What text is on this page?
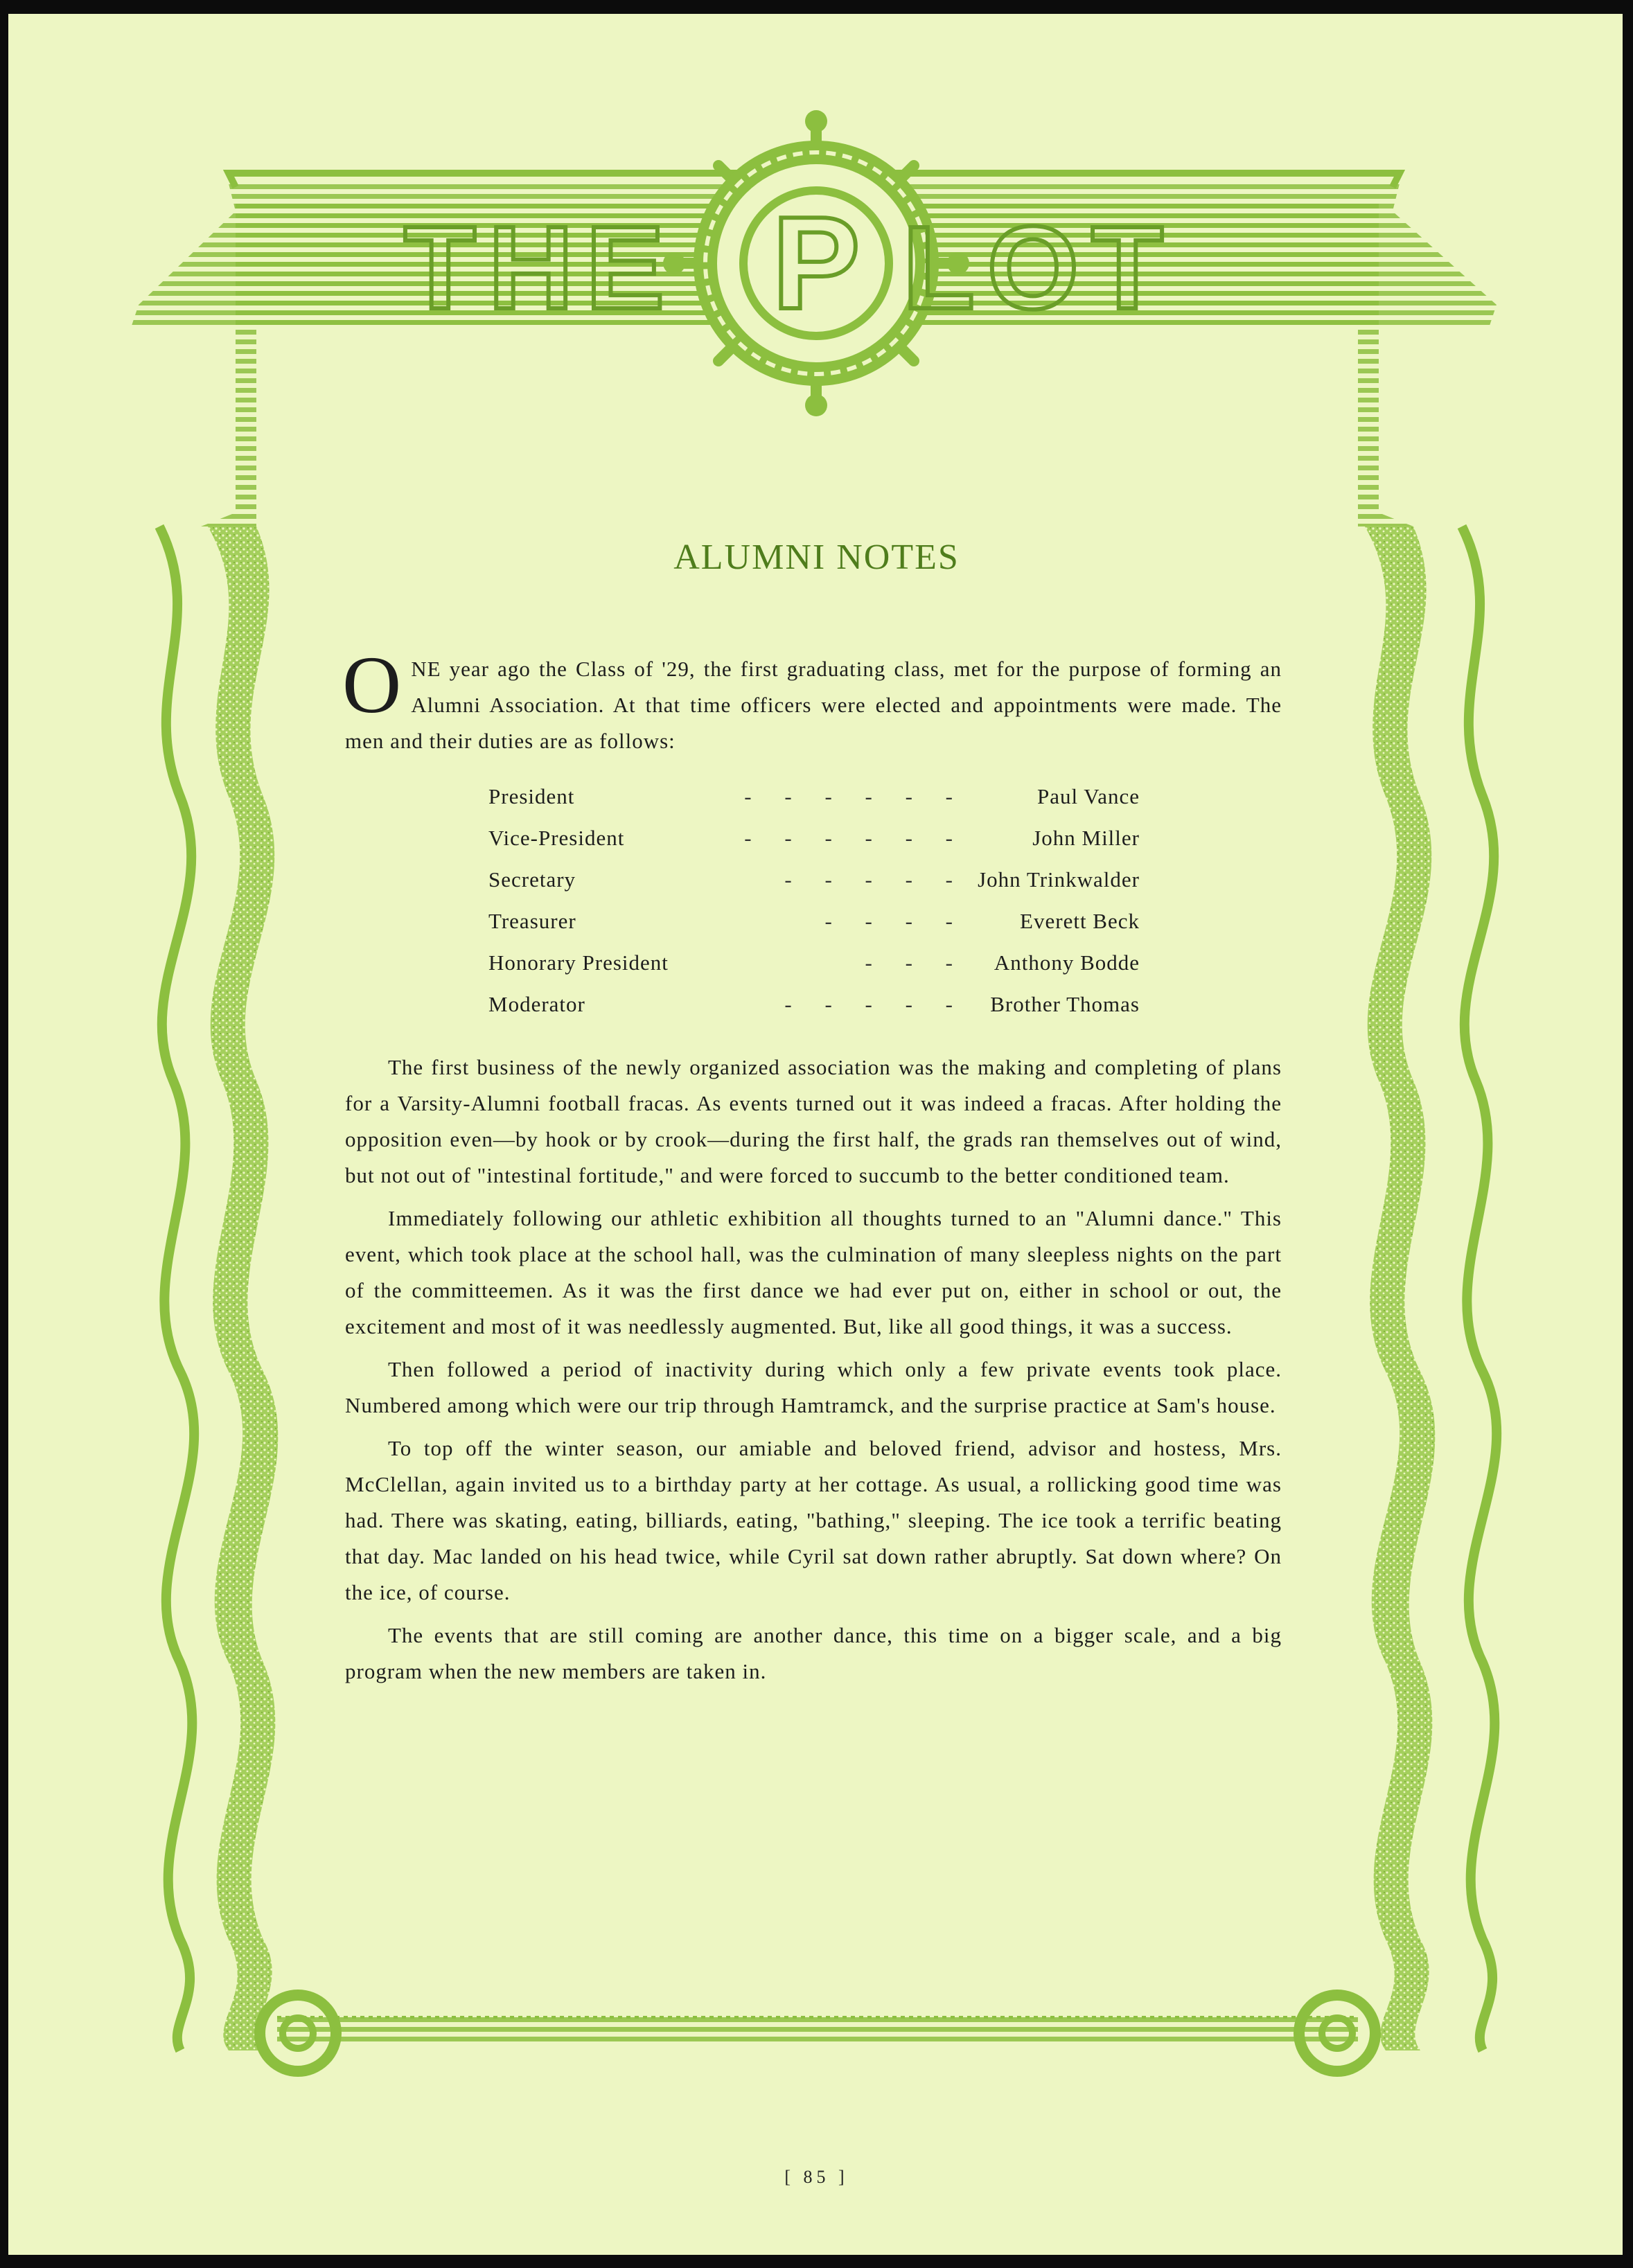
THE P LOT
ALUMNI NOTES
O NE year ago the Class of '29, the first graduating class, met for the purpose of forming an Alumni Association. At that time officers were elected and appointments were made. The men and their duties are as follows:
President	- - - - - -	Paul Vance
Vice-President	- - - - - -	John Miller
Secretary	- - - - - John Trinkwalder
Treasurer	- - - - Everett Beck
Honorary President	- - - Anthony Bodde
Moderator	- - - - - Brother Thomas

The first business of the newly organized association was the making and completing of plans for a Varsity-Alumni football fracas. As events turned out it was indeed a fracas. After holding the opposition even—by hook or by crook—during the first half, the grads ran themselves out of wind, but not out of "intestinal fortitude," and were forced to succumb to the better conditioned team.

Immediately following our athletic exhibition all thoughts turned to an "Alumni dance." This event, which took place at the school hall, was the culmination of many sleepless nights on the part of the committeemen. As it was the first dance we had ever put on, either in school or out, the excitement and most of it was needlessly augmented. But, like all good things, it was a success.

Then followed a period of inactivity during which only a few private events took place. Numbered among which were our trip through Hamtramck, and the surprise practice at Sam's house.

To top off the winter season, our amiable and beloved friend, advisor and hostess, Mrs. McClellan, again invited us to a birthday party at her cottage. As usual, a rollicking good time was had. There was skating, eating, billiards, eating, "bathing," sleeping. The ice took a terrific beating that day. Mac landed on his head twice, while Cyril sat down rather abruptly. Sat down where? On the ice, of course.

The events that are still coming are another dance, this time on a bigger scale, and a big program when the new members are taken in.

[ 85 ]
